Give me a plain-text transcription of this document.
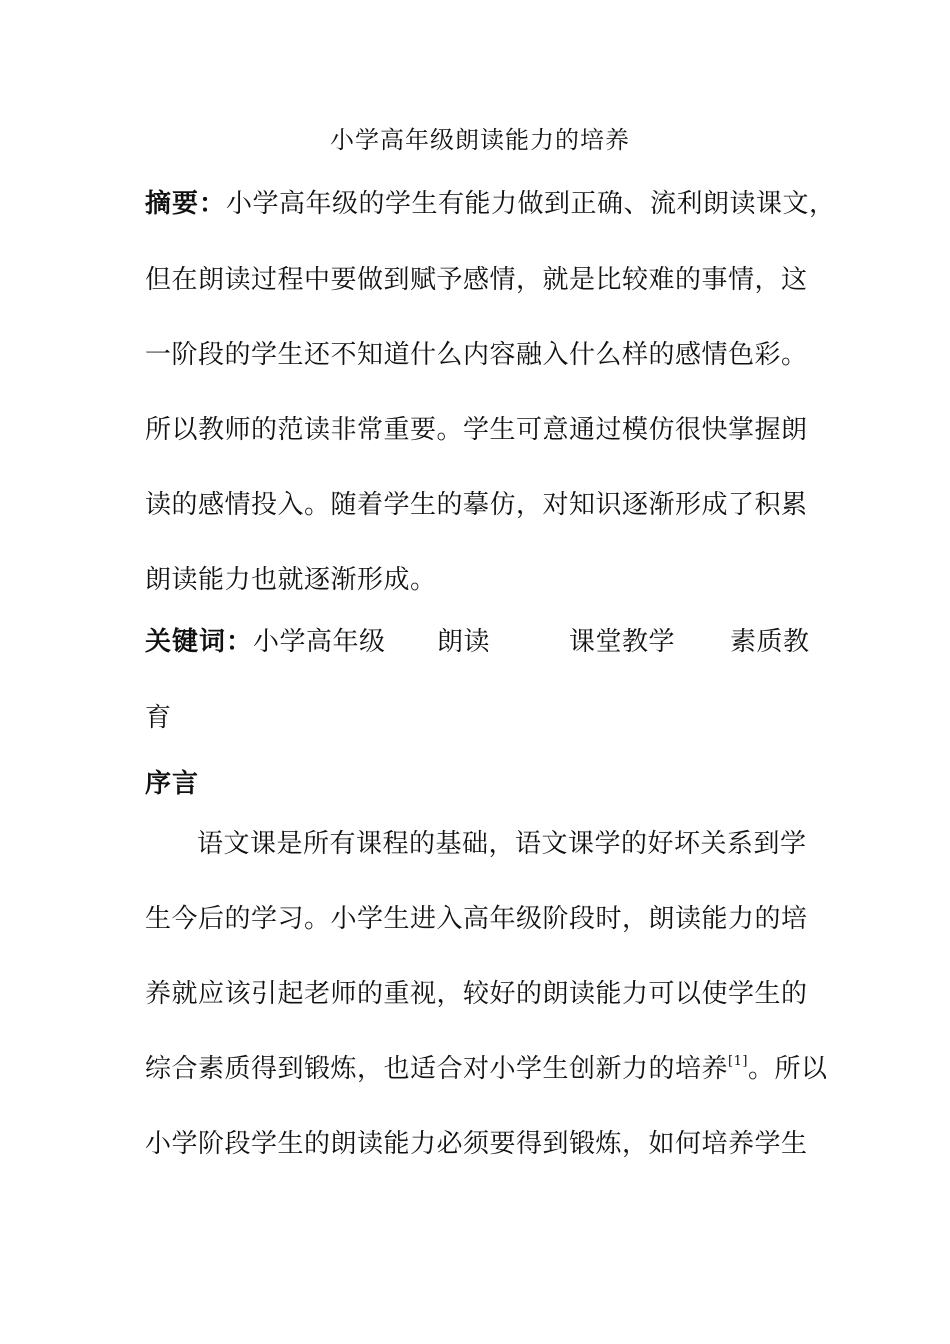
小学高年级朗读能力的培养
摘要：小学高年级的学生有能力做到正确、流利朗读课文，
但在朗读过程中要做到赋予感情，就是比较难的事情，这
一阶段的学生还不知道什么内容融入什么样的感情色彩。
所以教师的范读非常重要。学生可意通过模仿很快掌握朗
读的感情投入。随着学生的摹仿，对知识逐渐形成了积累
朗读能力也就逐渐形成。
关键词：小学高年级 朗读	课堂教学 素质教
育
序言
语文课是所有课程的基础，语文课学的好坏关系到学
生今后的学习。小学生进入高年级阶段时，朗读能力的培
养就应该引起老师的重视，较好的朗读能力可以使学生的
综合素质得到锻炼，也适合对小学生创新力的培养[1]。所以
小学阶段学生的朗读能力必须要得到锻炼，如何培养学生
